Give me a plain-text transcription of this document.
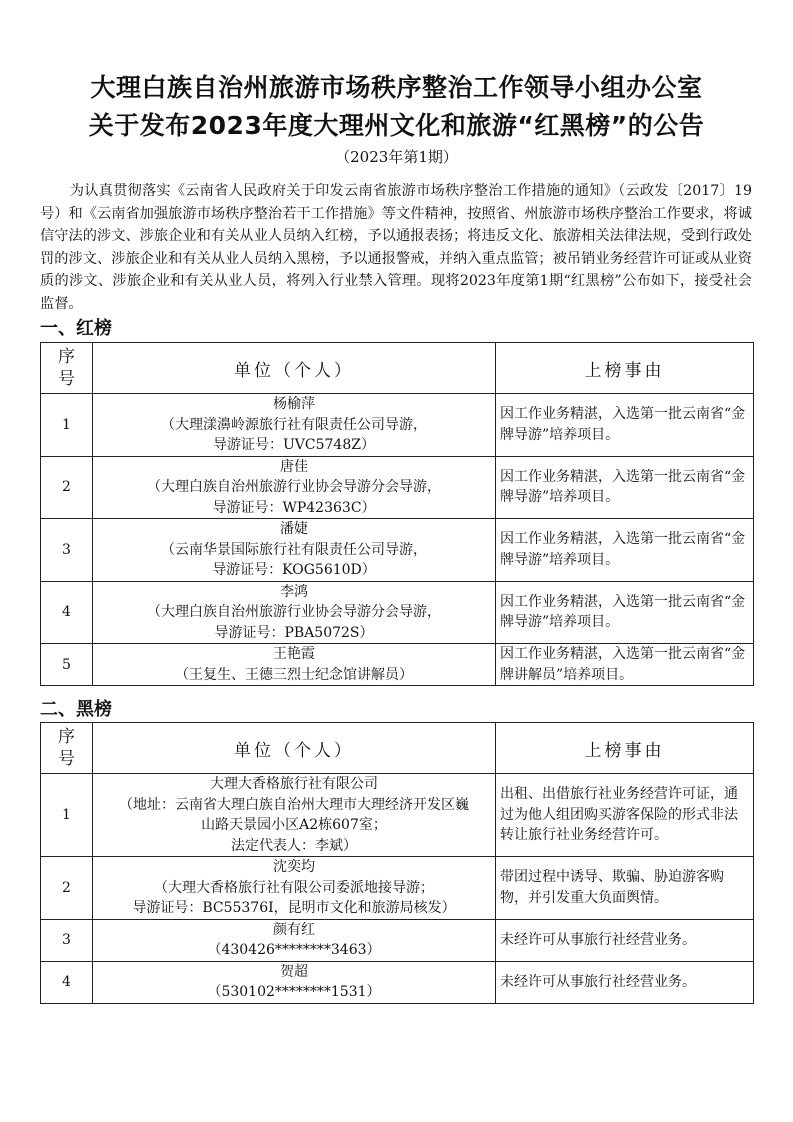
大理白族自治州旅游市场秩序整治工作领导小组办公室
关于发布2023年度大理州文化和旅游“红黑榜”的公告
（2023年第1期）

为认真贯彻落实《云南省人民政府关于印发云南省旅游市场秩序整治工作措施的通知》（云政发〔2017〕19号）和《云南省加强旅游市场秩序整治若干工作措施》等文件精神，按照省、州旅游市场秩序整治工作要求，将诚信守法的涉文、涉旅企业和有关从业人员纳入红榜，予以通报表扬；将违反文化、旅游相关法律法规，受到行政处罚的涉文、涉旅企业和有关从业人员纳入黑榜，予以通报警戒，并纳入重点监管；被吊销业务经营许可证或从业资质的涉文、涉旅企业和有关从业人员，将列入行业禁入管理。现将2023年度第1期“红黑榜”公布如下，接受社会监督。

一、红榜
序
号	单位（个人）	上榜事由
1	杨榆萍
（大理漾濞岭源旅行社有限责任公司导游，
导游证号：UVC5748Z）	因工作业务精湛，入选第一批云南省“金牌导游”培养项目。
2	唐佳
（大理白族自治州旅游行业协会导游分会导游，
导游证号：WP42363C）	因工作业务精湛，入选第一批云南省“金牌导游”培养项目。
3	潘婕
（云南华景国际旅行社有限责任公司导游，
导游证号：KOG5610D）	因工作业务精湛，入选第一批云南省“金牌导游”培养项目。
4	李鸿
（大理白族自治州旅游行业协会导游分会导游，
导游证号：PBA5072S）	因工作业务精湛，入选第一批云南省“金牌导游”培养项目。
5	王艳霞
（王复生、王德三烈士纪念馆讲解员）	因工作业务精湛，入选第一批云南省“金牌讲解员”培养项目。
二、黑榜
序
号	单位（个人）	上榜事由
1	大理大香格旅行社有限公司
（地址：云南省大理白族自治州大理市大理经济开发区巍
山路天景园小区A2栋607室；
法定代表人：李斌）	出租、出借旅行社业务经营许可证，通过为他人组团购买游客保险的形式非法转让旅行社业务经营许可。
2	沈奕均
（大理大香格旅行社有限公司委派地接导游；
导游证号：BC55376I，昆明市文化和旅游局核发）	带团过程中诱导、欺骗、胁迫游客购物，并引发重大负面舆情。
3	颜有红
（430426********3463）	未经许可从事旅行社经营业务。
4	贺超
（530102********1531）	未经许可从事旅行社经营业务。
